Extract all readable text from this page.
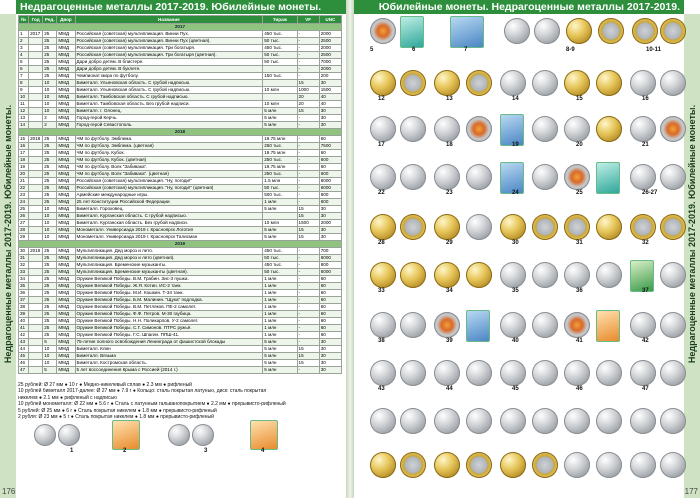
Недрагоценные металлы 2017-2019. Юбилейные монеты.
Недрагоценные металлы 2017-2019. Юбилейные монеты.
№	Год	Ред.	Двор	Название	Тираж	VF	UNC
2017							
1	2017	25	ММД	Российская (советская) мультипликация. Винни Пух.	450 тыс.	-	2000
2		25	ММД	Российская (советская) мультипликация. Винни Пух (цветная).	50 тыс.	-	2500
3		25	ММД	Российская (советская) мультипликация. Три богатыря.	450 тыс.	-	2000
4		25	ММД	Российская (советская) мультипликация. Три богатыря (цветная).	50 тыс.	-	2500
5		25	ММД	Дари добро детям. В блистере.	50 тыс.	-	7000
6		25	ММД	Дари добро детям. В буклете.		-	2000
7		25	ММД	Чемпионат мира по футболу.	150 тыс.	-	200
8		10	ММД	Биметалл. Ульяновская область. С грубой надписью.		15	30
9		10	ММД	Биметалл. Ульяновская область. С грубой надписью.	10 млн	1000	1500
10		10	ММД	Биметалл. Тамбовская область. С грубой надписью.		20	40
11		10	ММД	Биметалл. Тамбовская область. Без грубой надписи.	10 млн	20	40
12		10	ММД	Биметалл. г. Олонец.	5 млн	15	30
13		2	ММД	Город-герой Керчь.	5 млн	-	30
14		2	ММД	Город-герой Севастополь.	5 млн	-	30
2018							
15	2018	25	ММД	ЧМ по футболу. Эмблема.	19.75 млн	-	60
16		25	ММД	ЧМ по футболу. Эмблема. (цветная)	250 тыс.	-	7500
17		25	ММД	ЧМ по футболу. Кубок.	19.75 млн	-	60
18		25	ММД	ЧМ по футболу. Кубок. (цветная)	250 тыс.	-	600
19		25	ММД	ЧМ по футболу. Волк "Забивака".	19.75 млн	-	60
20		25	ММД	ЧМ по футболу. Волк "Забивака". (цветная)	250 тыс.	-	600
21		25	ММД	Российская (советская) мультипликация. "Ну, погоди!"	1.5 млн	-	6000
22		25	ММД	Российская (советская) мультипликация. "Ну, погоди!" (цветная)	50 тыс.	-	6000
23		25	ММД	Армейские международные игры.	500 тыс.	-	600
24		25	ММД	25 лет Конституции Российской Федерации	1 млн	-	600
25		10	ММД	Биметалл. Гороховец.	5 млн	15	30
26		10	ММД	Биметалл. Курганская область. С грубой надписью.		15	30
27		10	ММД	Биметалл. Курганская область. Без грубой надписи.	10 млн	1500	2000
28		10	ММД	Монометалл. Универсиада 2019 г. Красноярск Логотип	5 млн	15	30
29		10	ММД	Монометалл. Универсиада 2019 г. Красноярск Талисман	5 млн	15	30
2019							
30	2019	25	ММД	Мультипликация. Дед мороз и лето.	450 тыс.	-	700
31		25	ММД	Мультипликация. Дед мороз и лето (цветная).	50 тыс.	-	6000
32		25	ММД	Мультипликация. Бременские музыканты.	450 тыс.	-	800
33		25	ММД	Мультипликация. Бременские музыканты (цветная).	50 тыс.	-	6000
34		25	ММД	Оружие Великой Победы. В.М. Грабин. Зис-3 пушка.	1 млн	-	60
35		25	ММД	Оружие Великой Победы. Ж.Я. Котин. ИС-2 танк.	1 млн	-	60
36		25	ММД	Оружие Великой Победы. М.И. Кошкин. Т-34 танк.	1 млн	-	60
37		25	ММД	Оружие Великой Победы. Б.М. Малинин. "Щука" подлодка.	1 млн	-	60
38		25	ММД	Оружие Великой Победы. В.М. Петляков. ПЕ-2 самолет.	1 млн	-	60
39		25	ММД	Оружие Великой Победы. Ф.Ф. Петров. М-30 гаубица.	1 млн	-	60
40		25	ММД	Оружие Великой Победы. Н.Н. Поликарпов. У-2 самолет.	1 млн	-	60
41		25	ММД	Оружие Великой Победы. С.Г. Симонов. ПТРС ружьё.	1 млн	-	60
42		25	ММД	Оружие Великой Победы. Г.С. Шпагин. ППШ-41.	1 млн	-	60
43		5	ММД	75-летие полного освобождения Ленинграда от фашистской блокады	5 млн	-	30
44		10	ММД	Биметалл. Клин	5 млн	15	30
45		10	ММД	Биметалл. Вязьма	5 млн	15	30
46		10	ММД	Биметалл. Костромская область.	5 млн	15	30
47		5	ММД	5 лет воссоединения Крыма с Россией (2014 г.)	5 млн	-	30
25 рублей: Ø 27 мм ● 10 г ● Медно-никелевый сплав ● 2.3 мм ● рифленый
10 рублей биметалл 2017-далее: Ø 27 мм ● 7.9 г ● Кольцо: сталь покрытая латунью, диск: сталь покрытая
никелем ● 2.1 мм ● рифленый с надписью
10 рублей монометалл: Ø 22 мм ● 5.6 г ● Сталь с латунным гальванопокрытием ● 2.2 мм ● прерывисто-рифленый
5 рублей: Ø 25 мм ● 6 г ● Сталь покрытая никелем ● 1.8 мм ● прерывисто-рифленый
2 рубля: Ø 23 мм ● 5 г ● Сталь покрытая никелем ● 1.8 мм ● прерывисто-рифленый
1	2	3	4
176
Юбилейные монеты. Недрагоценные металлы 2017-2019.
Недрагоценные металлы 2017-2019. Юбилейные монеты.
5	6	7	8-9	10-11
12	13	14	15	16
17	18	19	20	21
22	23	24	25	26-27
28	29	30	31	32
33	34	35	36	37
38	39	40	41	42
43	44	45	46	47
177
